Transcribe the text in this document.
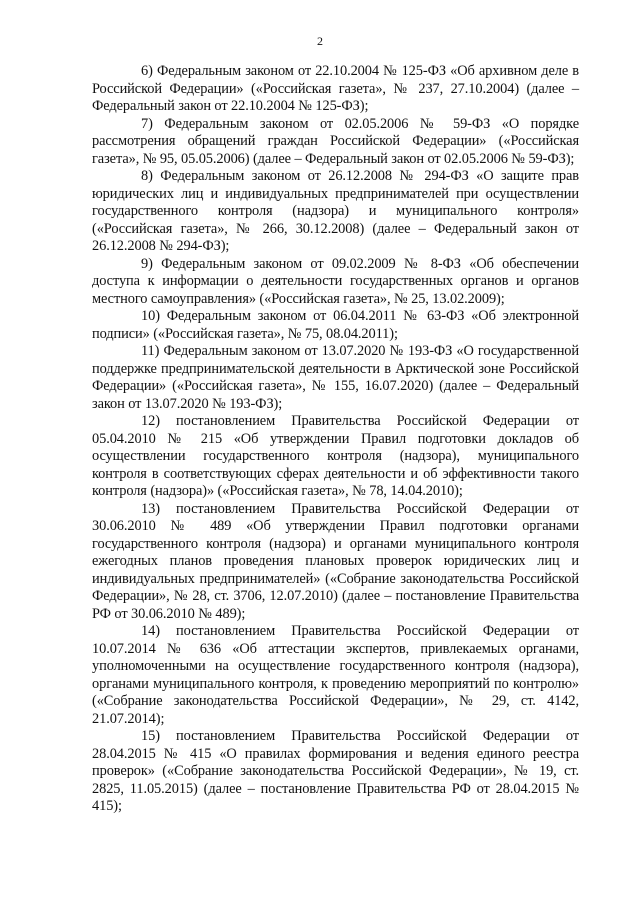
2

6) Федеральным законом от 22.10.2004 № 125-ФЗ «Об архивном деле в Российской Федерации» («Российская газета», № 237, 27.10.2004) (далее – Федеральный закон от 22.10.2004 № 125-ФЗ);

7) Федеральным законом от 02.05.2006 № 59-ФЗ «О порядке рассмотрения обращений граждан Российской Федерации» («Российская газета», № 95, 05.05.2006) (далее – Федеральный закон от 02.05.2006 № 59-ФЗ);

8) Федеральным законом от 26.12.2008 № 294-ФЗ «О защите прав юридических лиц и индивидуальных предпринимателей при осуществлении государственного контроля (надзора) и муниципального контроля» («Российская газета», № 266, 30.12.2008) (далее – Федеральный закон от 26.12.2008 № 294-ФЗ);

9) Федеральным законом от 09.02.2009 № 8-ФЗ «Об обеспечении доступа к информации о деятельности государственных органов и органов местного самоуправления» («Российская газета», № 25, 13.02.2009);

10) Федеральным законом от 06.04.2011 № 63-ФЗ «Об электронной подписи» («Российская газета», № 75, 08.04.2011);

11) Федеральным законом от 13.07.2020 № 193-ФЗ «О государственной поддержке предпринимательской деятельности в Арктической зоне Российской Федерации» («Российская газета», № 155, 16.07.2020) (далее – Федеральный закон от 13.07.2020 № 193-ФЗ);

12) постановлением Правительства Российской Федерации от 05.04.2010 № 215 «Об утверждении Правил подготовки докладов об осуществлении государственного контроля (надзора), муниципального контроля в соответствующих сферах деятельности и об эффективности такого контроля (надзора)» («Российская газета», № 78, 14.04.2010);

13) постановлением Правительства Российской Федерации от 30.06.2010 № 489 «Об утверждении Правил подготовки органами государственного контроля (надзора) и органами муниципального контроля ежегодных планов проведения плановых проверок юридических лиц и индивидуальных предпринимателей» («Собрание законодательства Российской Федерации», № 28, ст. 3706, 12.07.2010) (далее – постановление Правительства РФ от 30.06.2010 № 489);

14) постановлением Правительства Российской Федерации от 10.07.2014 № 636 «Об аттестации экспертов, привлекаемых органами, уполномоченными на осуществление государственного контроля (надзора), органами муниципального контроля, к проведению мероприятий по контролю» («Собрание законодательства Российской Федерации», № 29, ст. 4142, 21.07.2014);

15) постановлением Правительства Российской Федерации от 28.04.2015 № 415 «О правилах формирования и ведения единого реестра проверок» («Собрание законодательства Российской Федерации», № 19, ст. 2825, 11.05.2015) (далее – постановление Правительства РФ от 28.04.2015 № 415);
